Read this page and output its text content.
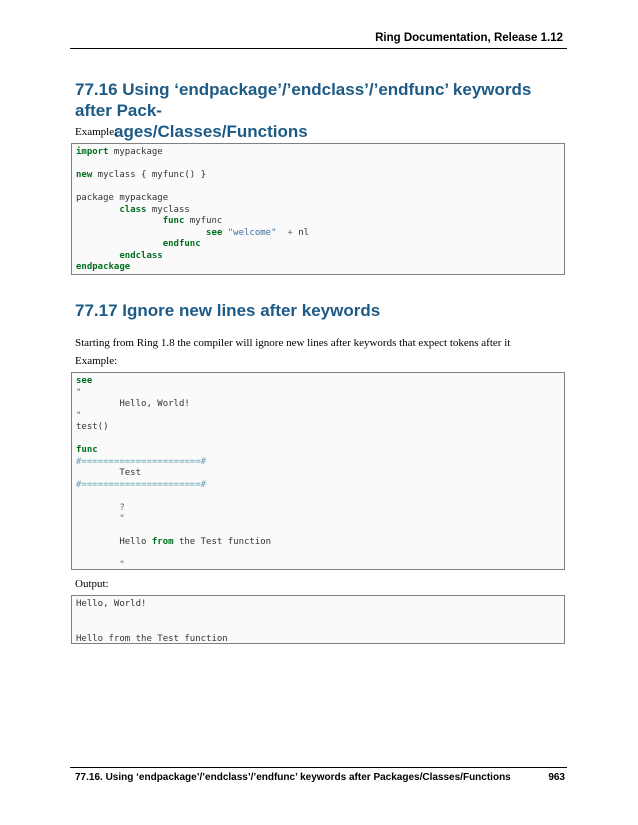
Ring Documentation, Release 1.12
77.16 Using ‘endpackage’/’endclass’/’endfunc’ keywords after Pack-
ages/Classes/Functions
Example:
import mypackage

new myclass { myfunc() }

package mypackage
class myclass
func myfunc
see "welcome" + nl
endfunc
endclass
endpackage
77.17 Ignore new lines after keywords
Starting from Ring 1.8 the compiler will ignore new lines after keywords that expect tokens after it
Example:
see
"
Hello, World!
"
test()

func
#======================#
Test
#======================#

?
"

Hello from the Test function

"
Output:
Hello, World!

Hello from the Test function
77.16. Using ‘endpackage’/’endclass’/’endfunc’ keywords after Packages/Classes/Functions	963
